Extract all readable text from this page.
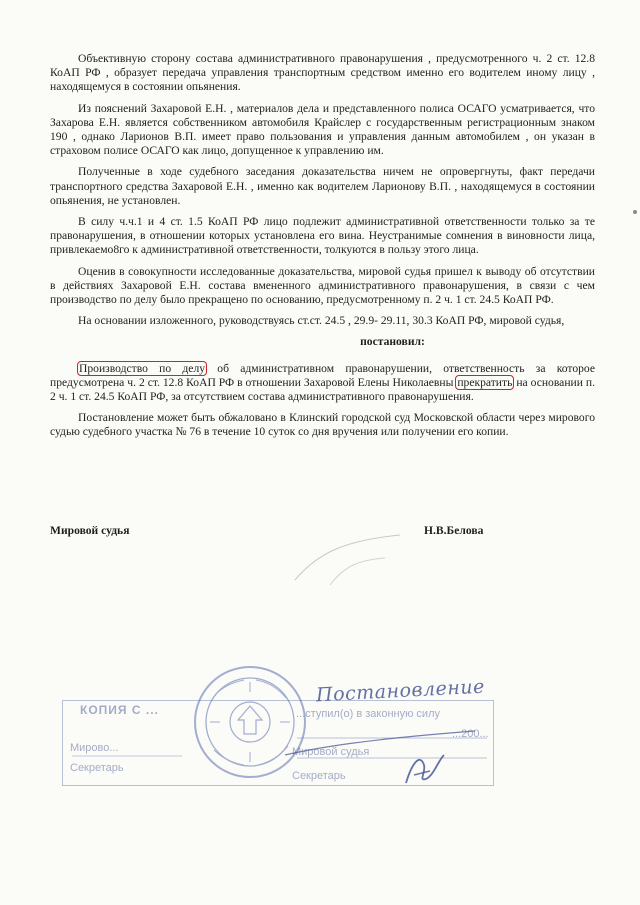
Объективную сторону состава административного правонарушения , предусмотренного ч. 2 ст. 12.8 КоАП РФ , образует передача управления транспортным средством именно его водителем иному лицу , находящемуся в состоянии опьянения.

Из пояснений Захаровой Е.Н. , материалов дела и представленного полиса ОСАГО усматривается, что Захарова Е.Н. является собственником автомобиля Крайслер с государственным регистрационным знаком 190 , однако Ларионов В.П. имеет право пользования и управления данным автомобилем , он указан в страховом полисе ОСАГО как лицо, допущенное к управлению им.

Полученные в ходе судебного заседания доказательства ничем не опровергнуты, факт передачи транспортного средства Захаровой Е.Н. , именно как водителем Ларионову В.П. , находящемуся в состоянии опьянения, не установлен.

В силу ч.ч.1 и 4 ст. 1.5 КоАП РФ лицо подлежит административной ответственности только за те правонарушения, в отношении которых установлена его вина. Неустранимые сомнения в виновности лица, привлекаемо8го к административной ответственности, толкуются в пользу этого лица.

Оценив в совокупности исследованные доказательства, мировой судья пришел к выводу об отсутствии в действиях Захаровой Е.Н. состава вмененного административного правонарушения, в связи с чем производство по делу было прекращено по основанию, предусмотренному п. 2 ч. 1 ст. 24.5 КоАП РФ.

На основании изложенного, руководствуясь ст.ст. 24.5 , 29.9- 29.11, 30.3 КоАП РФ, мировой судья,

постановил:

Производство по делу об административном правонарушении, ответственность за которое предусмотрена ч. 2 ст. 12.8 КоАП РФ в отношении Захаровой Елены Николаевны прекратить на основании п. 2 ч. 1 ст. 24.5 КоАП РФ, за отсутствием состава административного правонарушения.

Постановление может быть обжаловано в Клинский городской суд Московской области через мирового судью судебного участка № 76 в течение 10 суток со дня вручения или получении его копии.

Мировой судья	Н.В.Белова
КОПИЯ С ...	...ступил(о) в законную силу
Мирово...
...200...
Мировой судья
Секретарь
Секретарь
Постановление
